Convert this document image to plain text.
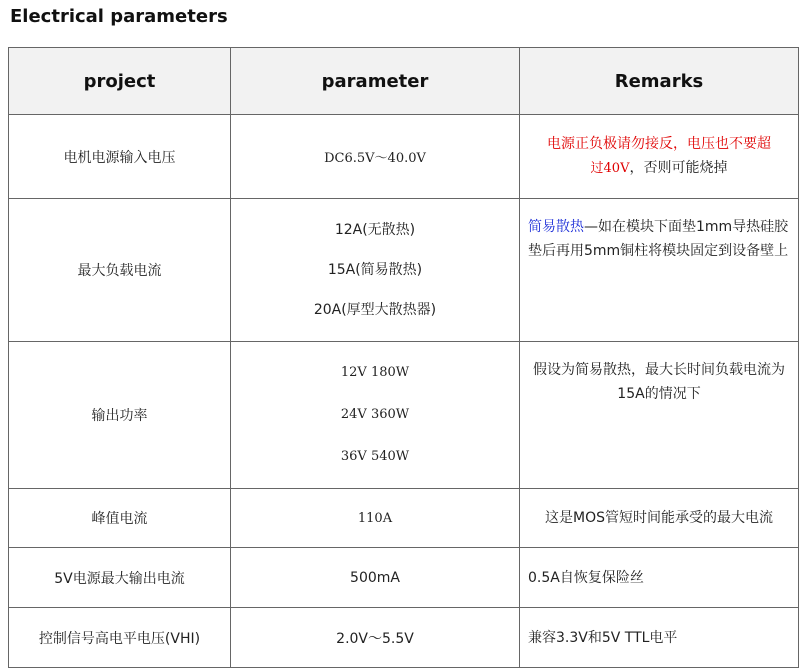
Electrical parameters
project	parameter	Remarks
电机电源输入电压	DC6.5V～40.0V	电源正负极请勿接反，电压也不要超
过40V，否则可能烧掉
最大负载电流	12A(无散热)
15A(简易散热)
20A(厚型大散热器)	简易散热—如在模块下面垫1mm导热硅胶垫后再用5mm铜柱将模块固定到设备壁上
输出功率	12V 180W
24V 360W
36V 540W	假设为简易散热，最大长时间负载电流为15A的情况下
峰值电流	110A	这是MOS管短时间能承受的最大电流
5V电源最大输出电流	500mA	0.5A自恢复保险丝
控制信号高电平电压(VHI)	2.0V～5.5V	兼容3.3V和5V TTL电平
